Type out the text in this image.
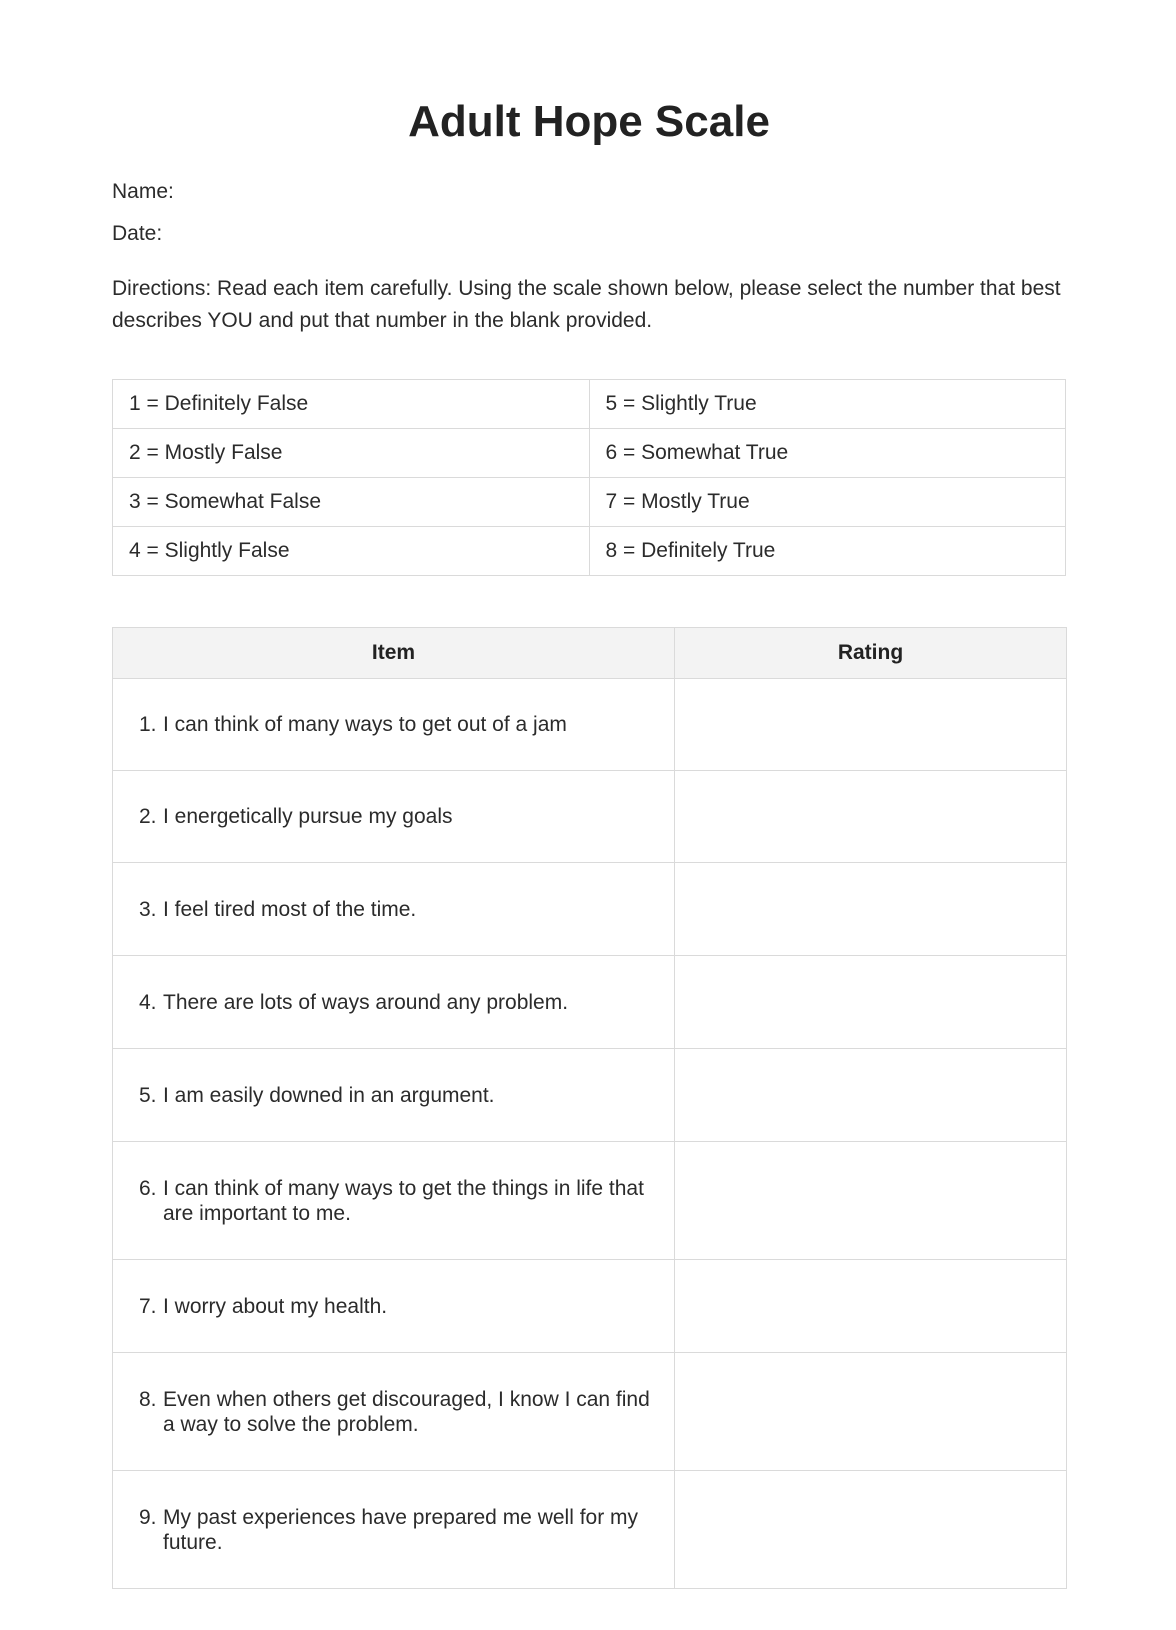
Adult Hope Scale
Name:
Date:
Directions: Read each item carefully. Using the scale shown below, please select the number that best describes YOU and put that number in the blank provided.
1 = Definitely False	5 = Slightly True
2 = Mostly False	6 = Somewhat True
3 = Somewhat False	7 = Mostly True
4 = Slightly False	8 = Definitely True
Item	Rating

1. I can think of many ways to get out of a jam	

2. I energetically pursue my goals	

3. I feel tired most of the time.	

4. There are lots of ways around any problem.	

5. I am easily downed in an argument.	

6. I can think of many ways to get the things in life that are important to me.	

7. I worry about my health.	

8. Even when others get discouraged, I know I can find a way to solve the problem.	

9. My past experiences have prepared me well for my future.	
